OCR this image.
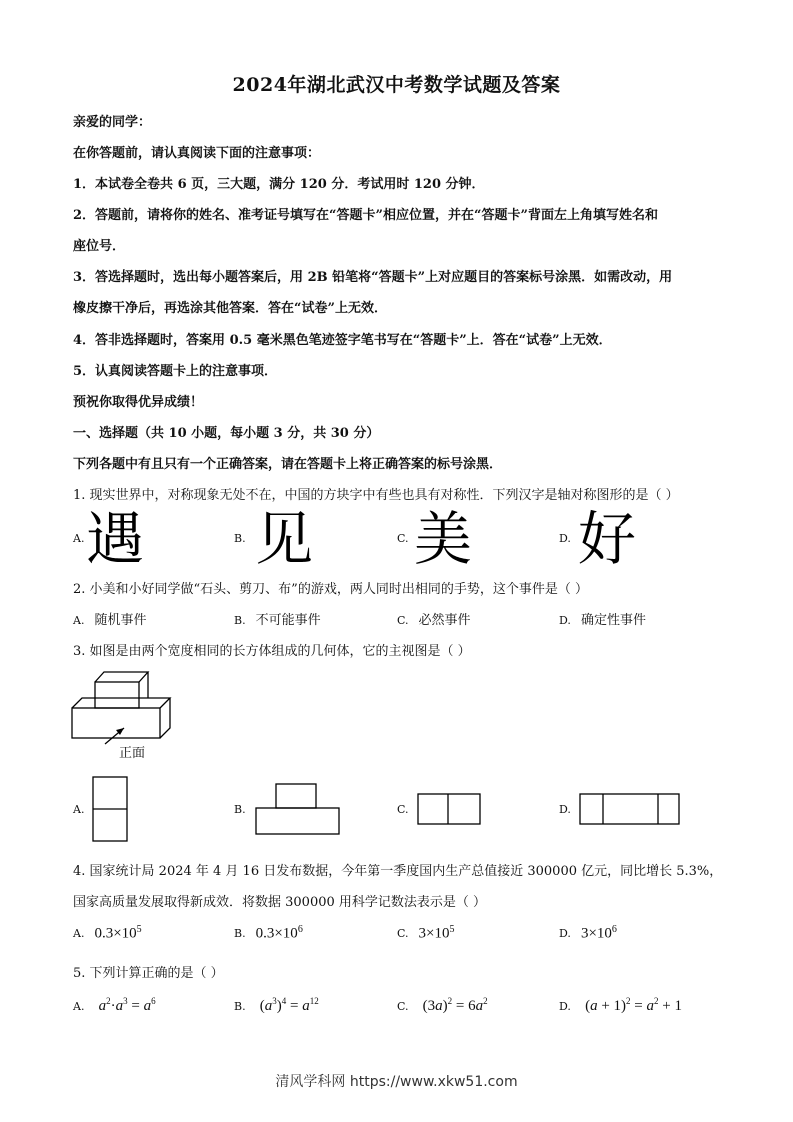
2024年湖北武汉中考数学试题及答案
亲爱的同学：
在你答题前，请认真阅读下面的注意事项：
1．本试卷全卷共 6 页，三大题，满分 120 分．考试用时 120 分钟．
2．答题前，请将你的姓名、准考证号填写在“答题卡”相应位置，并在“答题卡”背面左上角填写姓名和
座位号．
3．答选择题时，选出每小题答案后，用 2B 铅笔将“答题卡”上对应题目的答案标号涂黑．如需改动，用
橡皮擦干净后，再选涂其他答案．答在“试卷”上无效．
4．答非选择题时，答案用 0.5 毫米黑色笔迹签字笔书写在“答题卡”上．答在“试卷”上无效．
5．认真阅读答题卡上的注意事项．
预祝你取得优异成绩！
一、选择题（共 10 小题，每小题 3 分，共 30 分）
下列各题中有且只有一个正确答案，请在答题卡上将正确答案的标号涂黑．
1. 现实世界中，对称现象无处不在，中国的方块字中有些也具有对称性．下列汉字是轴对称图形的是（ ）
A. 遇	B. 见	C. 美	D. 好
2. 小美和小好同学做“石头、剪刀、布”的游戏，两人同时出相同的手势，这个事件是（ ）
A. 随机事件	B. 不可能事件	C. 必然事件	D. 确定性事件
3. 如图是由两个宽度相同的长方体组成的几何体，它的主视图是（ ）
正面
A.	B.	C.	D.
4. 国家统计局 2024 年 4 月 16 日发布数据，今年第一季度国内生产总值接近 300000 亿元，同比增长 5.3%，
国家高质量发展取得新成效．将数据 300000 用科学记数法表示是（ ）
A. $0.3\times 10^5$	B. $0.3\times 10^6$	C. $3\times 10^5$	D. $3\times 10^6$
5. 下列计算正确的是（ ）
A. $a^2\cdot a^3 = a^6$	B. $(a^3)^4 = a^{12}$	C. $(3a)^2 = 6a^2$	D. $(a + 1)^2 = a^2 + 1$
清风学科网 https://www.xkw51.com
